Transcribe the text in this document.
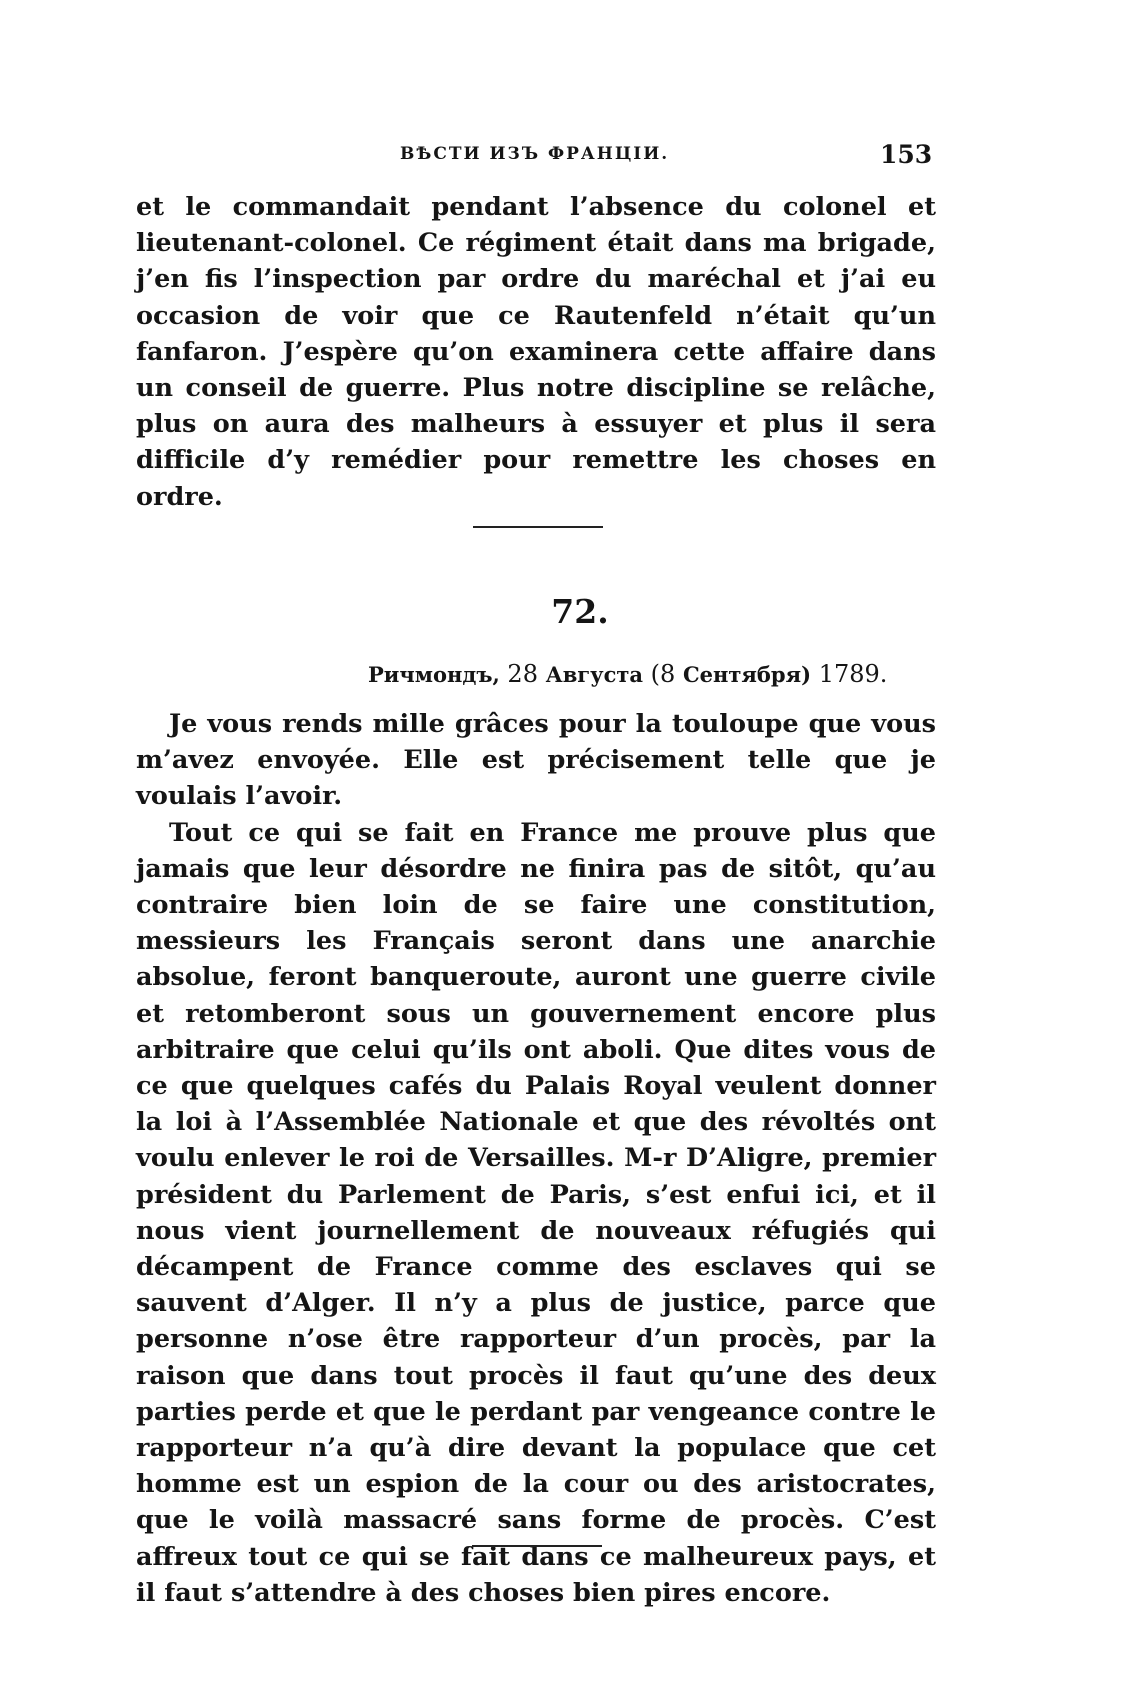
ВѢСТИ ИЗЪ ФРАНЦІИ.	153

et le commandait pendant l’absence du colonel et lieutenant-colonel. Ce régiment était dans ma brigade, j’en fis l’inspection par ordre du maréchal et j’ai eu occasion de voir que ce Rautenfeld n’était qu’un fanfaron. J’espère qu’on examinera cette affaire dans un conseil de guerre. Plus notre discipline se relâche, plus on aura des malheurs à essuyer et plus il sera difficile d’y remédier pour remettre les choses en ordre.

72.
Ричмондъ, 28 Августа (8 Сентября) 1789.

Je vous rends mille grâces pour la touloupe que vous m’avez envoyée. Elle est précisement telle que je voulais l’avoir.

Tout ce qui se fait en France me prouve plus que jamais que leur désordre ne finira pas de sitôt, qu’au contraire bien loin de se faire une constitution, messieurs les Français seront dans une anarchie absolue, feront banqueroute, auront une guerre civile et retomberont sous un gouvernement encore plus arbitraire que celui qu’ils ont aboli. Que dites vous de ce que quelques cafés du Palais Royal veulent donner la loi à l’Assemblée Nationale et que des révoltés ont voulu enlever le roi de Versailles. M-r D’Aligre, premier président du Parlement de Paris, s’est enfui ici, et il nous vient journellement de nouveaux réfugiés qui décampent de France comme des esclaves qui se sauvent d’Alger. Il n’y a plus de justice, parce que personne n’ose être rapporteur d’un procès, par la raison que dans tout procès il faut qu’une des deux parties perde et que le perdant par vengeance contre le rapporteur n’a qu’à dire devant la populace que cet homme est un espion de la cour ou des aristocrates, que le voilà massacré sans forme de procès. C’est affreux tout ce qui se fait dans ce malheureux pays, et il faut s’attendre à des choses bien pires encore.
